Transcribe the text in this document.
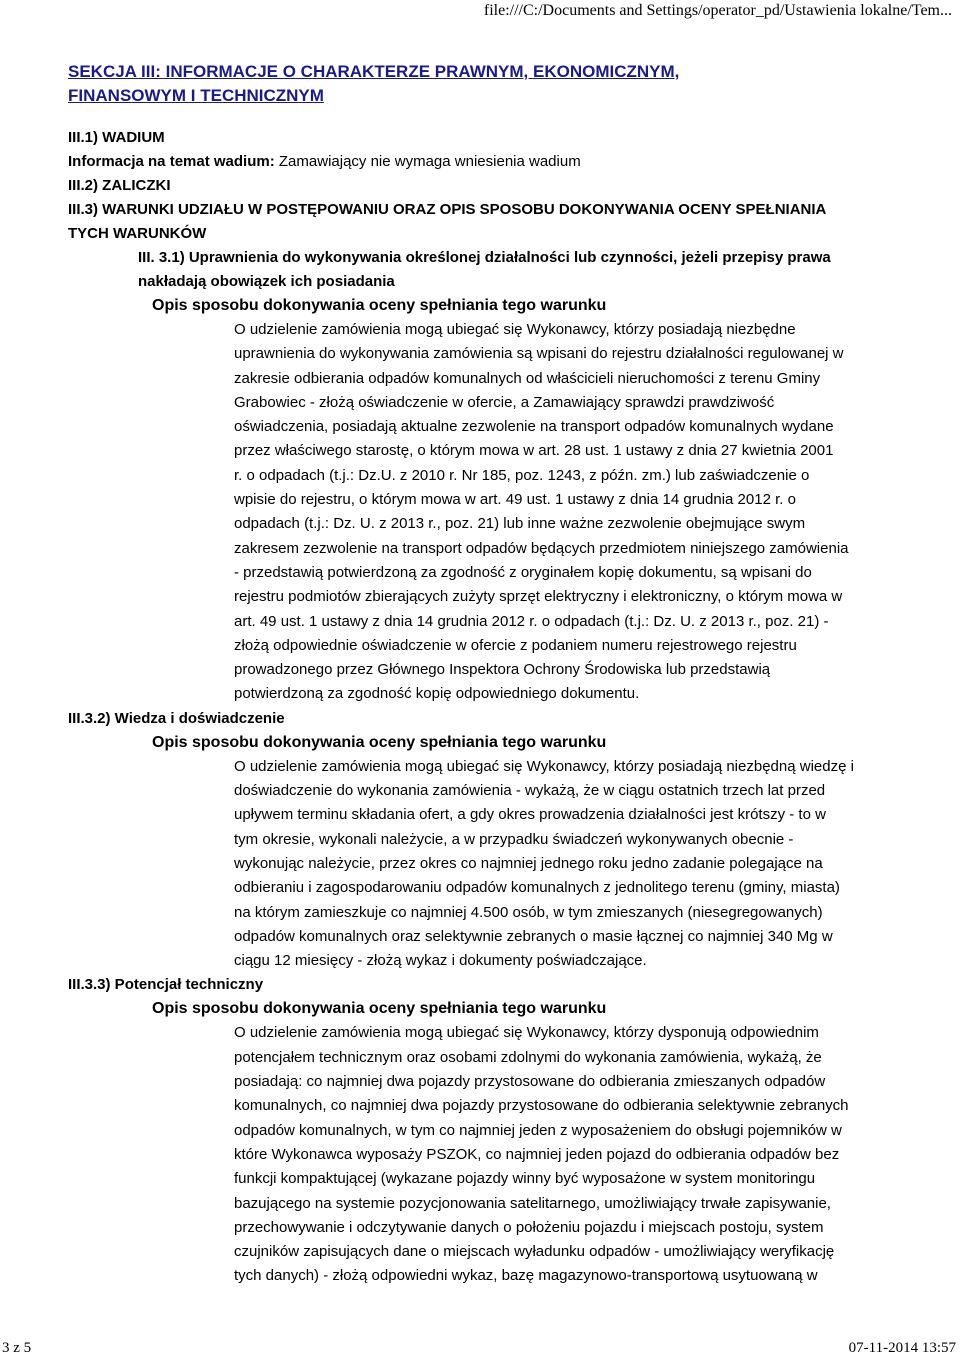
file:///C:/Documents and Settings/operator_pd/Ustawienia lokalne/Tem...
SEKCJA III: INFORMACJE O CHARAKTERZE PRAWNYM, EKONOMICZNYM,
FINANSOWYM I TECHNICZNYM
III.1) WADIUM
Informacja na temat wadium: Zamawiający nie wymaga wniesienia wadium
III.2) ZALICZKI
III.3) WARUNKI UDZIAŁU W POSTĘPOWANIU ORAZ OPIS SPOSOBU DOKONYWANIA OCENY SPEŁNIANIA
TYCH WARUNKÓW
III. 3.1) Uprawnienia do wykonywania określonej działalności lub czynności, jeżeli przepisy prawa
nakładają obowiązek ich posiadania
Opis sposobu dokonywania oceny spełniania tego warunku
O udzielenie zamówienia mogą ubiegać się Wykonawcy, którzy posiadają niezbędne
uprawnienia do wykonywania zamówienia są wpisani do rejestru działalności regulowanej w
zakresie odbierania odpadów komunalnych od właścicieli nieruchomości z terenu Gminy
Grabowiec - złożą oświadczenie w ofercie, a Zamawiający sprawdzi prawdziwość
oświadczenia, posiadają aktualne zezwolenie na transport odpadów komunalnych wydane
przez właściwego starostę, o którym mowa w art. 28 ust. 1 ustawy z dnia 27 kwietnia 2001
r. o odpadach (t.j.: Dz.U. z 2010 r. Nr 185, poz. 1243, z późn. zm.) lub zaświadczenie o
wpisie do rejestru, o którym mowa w art. 49 ust. 1 ustawy z dnia 14 grudnia 2012 r. o
odpadach (t.j.: Dz. U. z 2013 r., poz. 21) lub inne ważne zezwolenie obejmujące swym
zakresem zezwolenie na transport odpadów będących przedmiotem niniejszego zamówienia
- przedstawią potwierdzoną za zgodność z oryginałem kopię dokumentu, są wpisani do
rejestru podmiotów zbierających zużyty sprzęt elektryczny i elektroniczny, o którym mowa w
art. 49 ust. 1 ustawy z dnia 14 grudnia 2012 r. o odpadach (t.j.: Dz. U. z 2013 r., poz. 21) -
złożą odpowiednie oświadczenie w ofercie z podaniem numeru rejestrowego rejestru
prowadzonego przez Głównego Inspektora Ochrony Środowiska lub przedstawią
potwierdzoną za zgodność kopię odpowiedniego dokumentu.
III.3.2) Wiedza i doświadczenie
Opis sposobu dokonywania oceny spełniania tego warunku
O udzielenie zamówienia mogą ubiegać się Wykonawcy, którzy posiadają niezbędną wiedzę i
doświadczenie do wykonania zamówienia - wykażą, że w ciągu ostatnich trzech lat przed
upływem terminu składania ofert, a gdy okres prowadzenia działalności jest krótszy - to w
tym okresie, wykonali należycie, a w przypadku świadczeń wykonywanych obecnie -
wykonując należycie, przez okres co najmniej jednego roku jedno zadanie polegające na
odbieraniu i zagospodarowaniu odpadów komunalnych z jednolitego terenu (gminy, miasta)
na którym zamieszkuje co najmniej 4.500 osób, w tym zmieszanych (niesegregowanych)
odpadów komunalnych oraz selektywnie zebranych o masie łącznej co najmniej 340 Mg w
ciągu 12 miesięcy - złożą wykaz i dokumenty poświadczające.
III.3.3) Potencjał techniczny
Opis sposobu dokonywania oceny spełniania tego warunku
O udzielenie zamówienia mogą ubiegać się Wykonawcy, którzy dysponują odpowiednim
potencjałem technicznym oraz osobami zdolnymi do wykonania zamówienia, wykażą, że
posiadają: co najmniej dwa pojazdy przystosowane do odbierania zmieszanych odpadów
komunalnych, co najmniej dwa pojazdy przystosowane do odbierania selektywnie zebranych
odpadów komunalnych, w tym co najmniej jeden z wyposażeniem do obsługi pojemników w
które Wykonawca wyposaży PSZOK, co najmniej jeden pojazd do odbierania odpadów bez
funkcji kompaktującej (wykazane pojazdy winny być wyposażone w system monitoringu
bazującego na systemie pozycjonowania satelitarnego, umożliwiający trwałe zapisywanie,
przechowywanie i odczytywanie danych o położeniu pojazdu i miejscach postoju, system
czujników zapisujących dane o miejscach wyładunku odpadów - umożliwiający weryfikację
tych danych) - złożą odpowiedni wykaz, bazę magazynowo-transportową usytuowaną w
3 z 5	07-11-2014 13:57
